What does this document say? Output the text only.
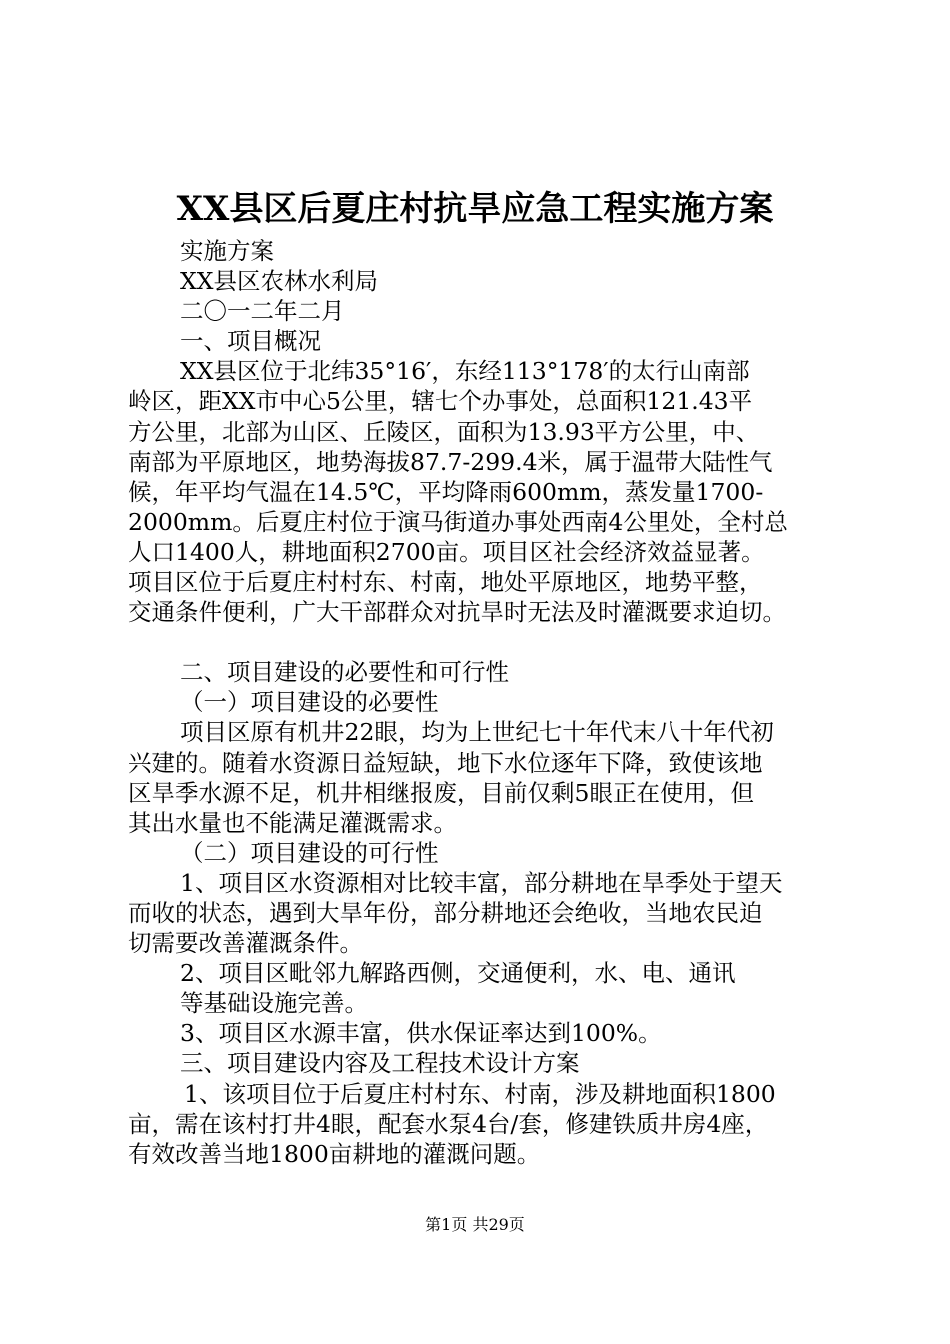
XX县区后夏庄村抗旱应急工程实施方案
实施方案
XX县区农林水利局
二〇一二年二月
一、项目概况
XX县区位于北纬35°16′，东经113°178′的太行山南部
岭区，距XX市中心5公里，辖七个办事处，总面积121.43平
方公里，北部为山区、丘陵区，面积为13.93平方公里，中、
南部为平原地区，地势海拔87.7-299.4米，属于温带大陆性气
候，年平均气温在14.5℃，平均降雨600mm，蒸发量1700-
2000mm。后夏庄村位于演马街道办事处西南4公里处，全村总
人口1400人，耕地面积2700亩。项目区社会经济效益显著。
项目区位于后夏庄村村东、村南，地处平原地区，地势平整，
交通条件便利，广大干部群众对抗旱时无法及时灌溉要求迫切。
二、项目建设的必要性和可行性
（一）项目建设的必要性
项目区原有机井22眼，均为上世纪七十年代末八十年代初
兴建的。随着水资源日益短缺，地下水位逐年下降，致使该地
区旱季水源不足，机井相继报废，目前仅剩5眼正在使用，但
其出水量也不能满足灌溉需求。
（二）项目建设的可行性
1、项目区水资源相对比较丰富，部分耕地在旱季处于望天
而收的状态，遇到大旱年份，部分耕地还会绝收，当地农民迫
切需要改善灌溉条件。
2、项目区毗邻九解路西侧，交通便利，水、电、通讯
等基础设施完善。
3、项目区水源丰富，供水保证率达到100%。
三、项目建设内容及工程技术设计方案
1、该项目位于后夏庄村村东、村南，涉及耕地面积1800
亩，需在该村打井4眼，配套水泵4台/套，修建铁质井房4座，
有效改善当地1800亩耕地的灌溉问题。
第1页 共29页
